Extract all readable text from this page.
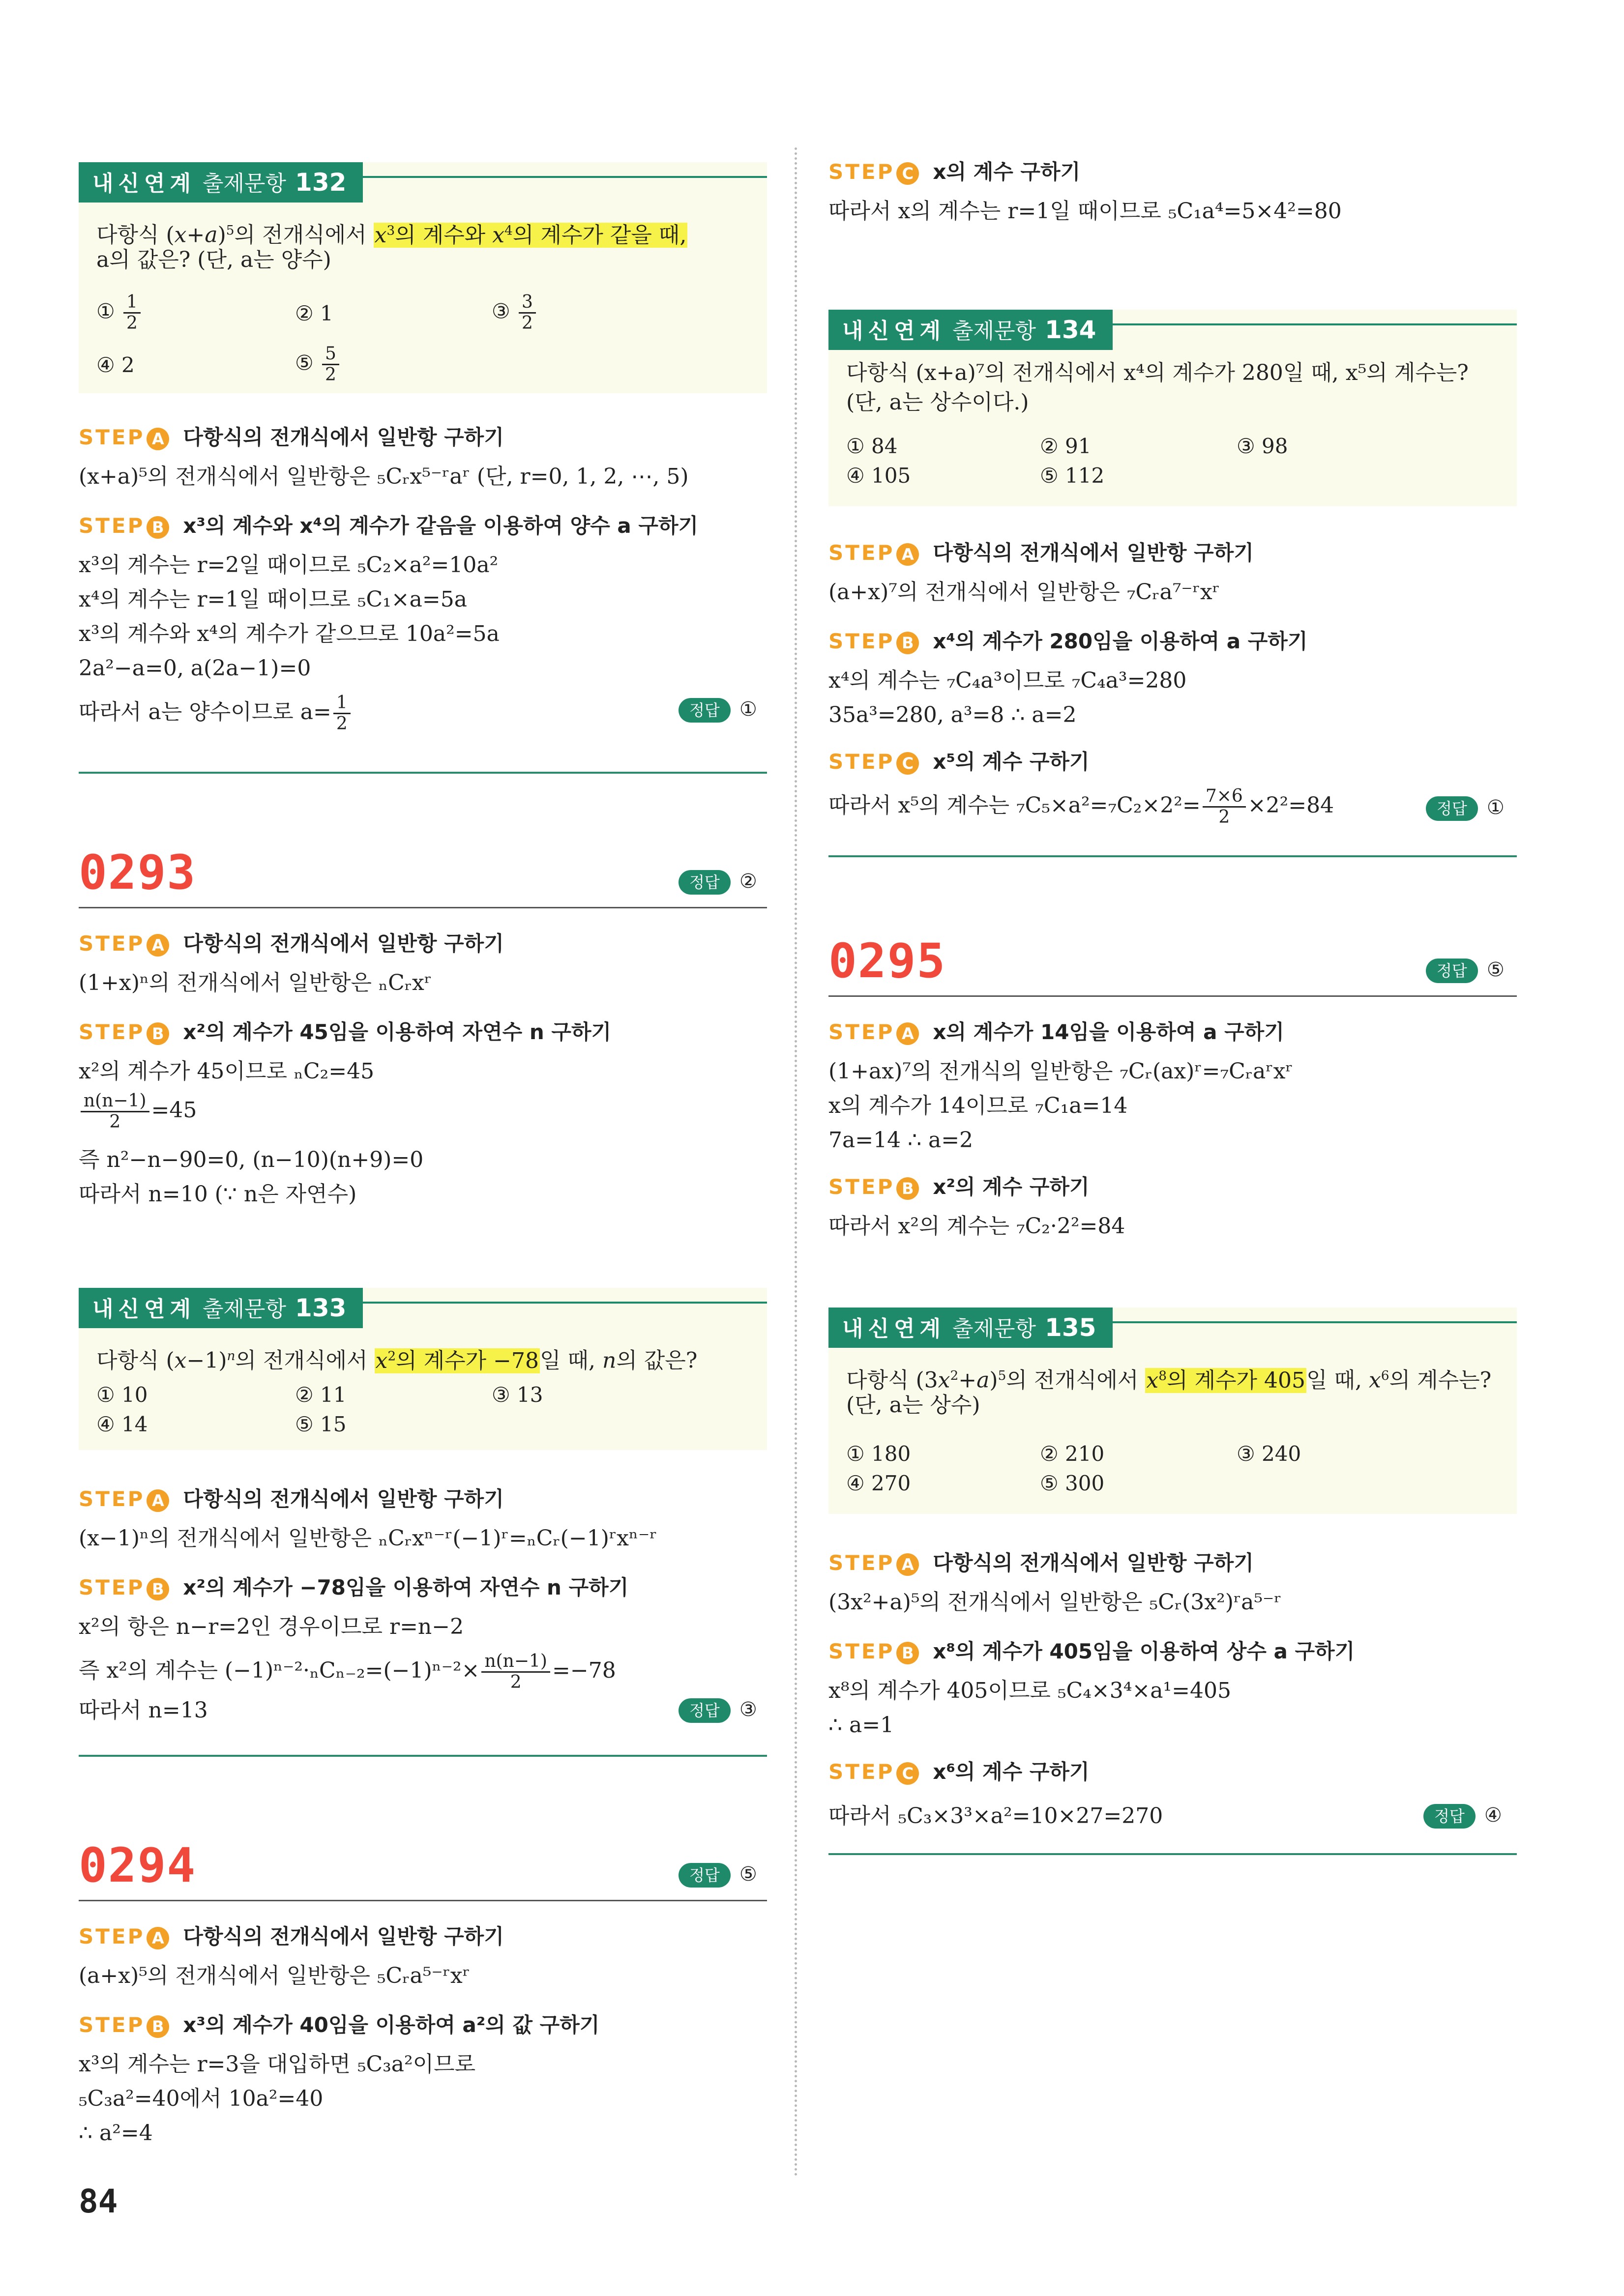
내신연계 출제문항 132
다항식 $(x+a)^5$의 전개식에서 $x^3$의 계수와 $x^4$의 계수가 같을 때,
a의 값은? (단, a는 양수)
① $\frac{1}{2}$	② 1	③ $\frac{3}{2}$
④ 2	⑤ $\frac{5}{2}$
STEP A 다항식의 전개식에서 일반항 구하기
(x+a)⁵의 전개식에서 일반항은 ₅Cᵣx⁵⁻ʳaʳ (단, r=0, 1, 2, ⋯, 5)
STEP B x³의 계수와 x⁴의 계수가 같음을 이용하여 양수 a 구하기
x³의 계수는 r=2일 때이므로 ₅C₂×a²=10a²
x⁴의 계수는 r=1일 때이므로 ₅C₁×a=5a
x³의 계수와 x⁴의 계수가 같으므로 10a²=5a
2a²−a=0, a(2a−1)=0
따라서 a는 양수이므로 $a= \frac{1}{2}$	정답 ①
0293	정답 ②
STEP A 다항식의 전개식에서 일반항 구하기
(1+x)ⁿ의 전개식에서 일반항은 ₙCᵣxʳ
STEP B x²의 계수가 45임을 이용하여 자연수 n 구하기
x²의 계수가 45이므로 ₙC₂=45
$\frac{n(n-1)}{2} =45$
즉 n²−n−90=0, (n−10)(n+9)=0
따라서 n=10 (∵ n은 자연수)
내신연계 출제문항 133
다항식 $(x-1)^n$의 전개식에서 $x^2$의 계수가 −78일 때, n의 값은?
① 10	② 11	③ 13
④ 14	⑤ 15
STEP A 다항식의 전개식에서 일반항 구하기
(x−1)ⁿ의 전개식에서 일반항은 ₙCᵣxⁿ⁻ʳ(−1)ʳ=ₙCᵣ(−1)ʳxⁿ⁻ʳ
STEP B x²의 계수가 −78임을 이용하여 자연수 n 구하기
x²의 항은 n−r=2인 경우이므로 r=n−2
즉 x²의 계수는 $(-1)^{n-2}\cdot_nC_{n-2}=(-1)^{n-2}\times \frac{n(n-1)}{2} =-78$
따라서 n=13	정답 ③
0294	정답 ⑤
STEP A 다항식의 전개식에서 일반항 구하기
(a+x)⁵의 전개식에서 일반항은 ₅Cᵣa⁵⁻ʳxʳ
STEP B x³의 계수가 40임을 이용하여 a²의 값 구하기
x³의 계수는 r=3을 대입하면 ₅C₃a²이므로
₅C₃a²=40에서 10a²=40
∴ a²=4
STEP C x의 계수 구하기
따라서 x의 계수는 r=1일 때이므로 ₅C₁a⁴=5×4²=80
내신연계 출제문항 134
다항식 (x+a)⁷의 전개식에서 x⁴의 계수가 280일 때, x⁵의 계수는?
(단, a는 상수이다.)
① 84	② 91	③ 98
④ 105	⑤ 112
STEP A 다항식의 전개식에서 일반항 구하기
(a+x)⁷의 전개식에서 일반항은 ₇Cᵣa⁷⁻ʳxʳ
STEP B x⁴의 계수가 280임을 이용하여 a 구하기
x⁴의 계수는 ₇C₄a³이므로 ₇C₄a³=280
35a³=280, a³=8 ∴ a=2
STEP C x⁵의 계수 구하기
따라서 x⁵의 계수는 $_7C_5\times a^2=_7C_2\times 2^2= \frac{7\times 6}{2} \times 2^2=84$	정답 ①
0295	정답 ⑤
STEP A x의 계수가 14임을 이용하여 a 구하기
(1+ax)⁷의 전개식의 일반항은 ₇Cᵣ(ax)ʳ=₇Cᵣaʳxʳ
x의 계수가 14이므로 ₇C₁a=14
7a=14 ∴ a=2
STEP B x²의 계수 구하기
따라서 x²의 계수는 ₇C₂·2²=84
내신연계 출제문항 135
다항식 $(3x^2+a)^5$의 전개식에서 $x^8$의 계수가 405일 때, $x^6$의 계수는?
(단, a는 상수)
① 180	② 210	③ 240
④ 270	⑤ 300
STEP A 다항식의 전개식에서 일반항 구하기
(3x²+a)⁵의 전개식에서 일반항은 ₅Cᵣ(3x²)ʳa⁵⁻ʳ
STEP B x⁸의 계수가 405임을 이용하여 상수 a 구하기
x⁸의 계수가 405이므로 ₅C₄×3⁴×a¹=405
∴ a=1
STEP C x⁶의 계수 구하기
따라서 ₅C₃×3³×a²=10×27=270	정답 ④
84
